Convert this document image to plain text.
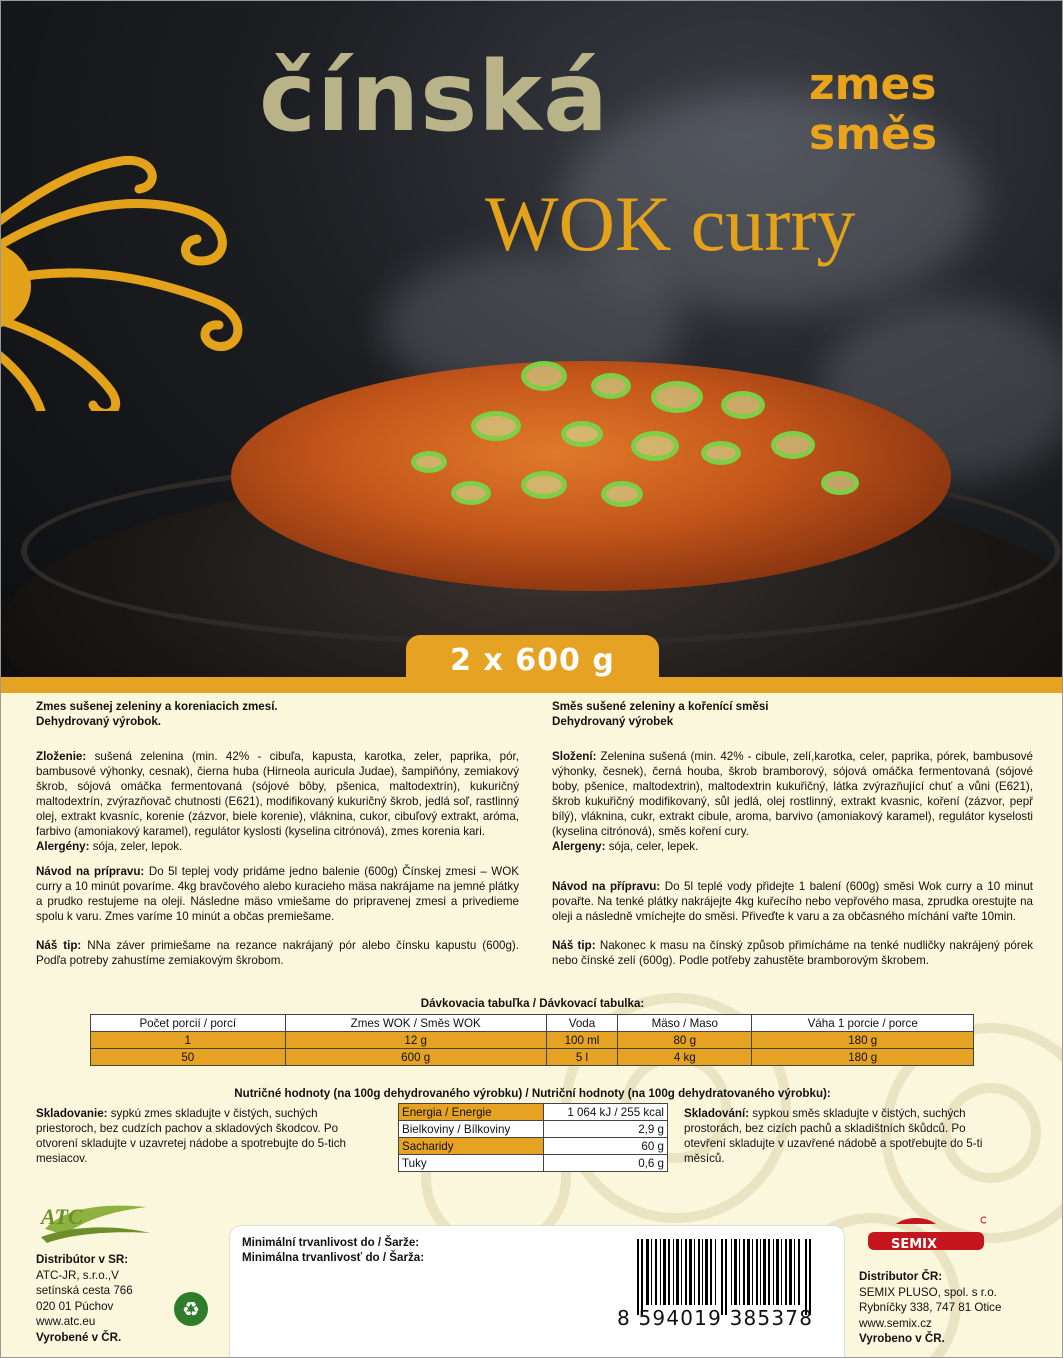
čínská	zmes
směs
WOK curry
2 x 600 g
Zmes sušenej zeleniny a koreniacich zmesí.
Dehydrovaný výrobok.
Zloženie: sušená zelenina (min. 42% - cibuľa, kapusta, karotka, zeler, paprika, pór, bambusové výhonky, cesnak), čierna huba (Hirneola auricula Judae), šampiňóny, zemiakový škrob, sójová omáčka fermentovaná (sójové bôby, pšenica, maltodextrín), kukuričný maltodextrín, zvýrazňovač chutnosti (E621), modifikovaný kukuričný škrob, jedlá soľ, rastlinný olej, extrakt kvasníc, korenie (zázvor, biele korenie), vláknina, cukor, cibuľový extrakt, aróma, farbivo (amoniakový karamel), regulátor kyslosti (kyselina citrónová), zmes korenia kari.
Alergény: sója, zeler, lepok.
Návod na prípravu: Do 5l teplej vody pridáme jedno balenie (600g) Čínskej zmesi – WOK curry a 10 minút povaríme. 4kg bravčového alebo kuracieho mäsa nakrájame na jemné plátky a prudko restujeme na oleji. Následne mäso vmiešame do pripravenej zmesi a privedieme spolu k varu. Zmes varíme 10 minút a občas premiešame.
Náš tip: NNa záver primiešame na rezance nakrájaný pór alebo čínsku kapustu (600g). Podľa potreby zahustíme zemiakovým škrobom.
Směs sušené zeleniny a kořenící směsi
Dehydrovaný výrobek
Složení: Zelenina sušená (min. 42% - cibule, zelí,karotka, celer, paprika, pórek, bambusové výhonky, česnek), černá houba, škrob bramborový, sójová omáčka fermentovaná (sójové boby, pšenice, maltodextrin), maltodextrin kukuřičný, látka zvýrazňující chuť a vůni (E621), škrob kukuřičný modifikovaný, sůl jedlá, olej rostlinný, extrakt kvasnic, koření (zázvor, pepř bílý), vláknina, cukr, extrakt cibule, aroma, barvivo (amoniakový karamel), regulátor kyselosti (kyselina citrónová), směs koření cury.
Alergeny: sója, celer, lepek.
Návod na přípravu: Do 5l teplé vody přidejte 1 balení (600g) směsi Wok curry a 10 minut povařte. Na tenké plátky nakrájejte 4kg kuřecího nebo vepřového masa, zprudka orestujte na oleji a následně vmíchejte do směsi. Přiveďte k varu a za občasného míchání vařte 10min.
Náš tip: Nakonec k masu na čínský způsob přimícháme na tenké nudličky nakrájený pórek nebo čínské zelí (600g). Podle potřeby zahustěte bramborovým škrobem.
Dávkovacia tabuľka / Dávkovací tabulka:
Počet porcií / porcí	Zmes WOK / Směs WOK	Voda	Mäso / Maso	Váha 1 porcie / porce
1	12 g	100 ml	80 g	180 g
50	600 g	5 l	4 kg	180 g
Nutričné hodnoty (na 100g dehydrovaného výrobku) / Nutriční hodnoty (na 100g dehydratovaného výrobku):
Energia / Energie	1 064 kJ / 255 kcal
Bielkoviny / Bílkoviny	2,9 g
Sacharidy	60 g
Tuky	0,6 g
Skladovanie: sypkú zmes skladujte v čistých, suchých priestoroch, bez cudzích pachov a skladových škodcov. Po otvorení skladujte v uzavretej nádobe a spotrebujte do 5-tich mesiacov.
Skladování: sypkou směs skladujte v čistých, suchých prostorách, bez cizích pachů a skladištních škůdců. Po otevření skladujte v uzavřené nádobě a spotřebujte do 5-ti měsíců.
ATC
Distribútor v SR:
ATC-JR, s.r.o.,V
setínská cesta 766
020 01 Púchov
www.atc.eu
Vyrobené v ČR.
♻
Minimální trvanlivost do / Šarže:
Minimálna trvanlivosť do / Šarža:
8 594019 385378
SEMIX
Distributor ČR:
SEMIX PLUSO, spol. s r.o.
Rybníčky 338, 747 81 Otice
www.semix.cz
Vyrobeno v ČR.
